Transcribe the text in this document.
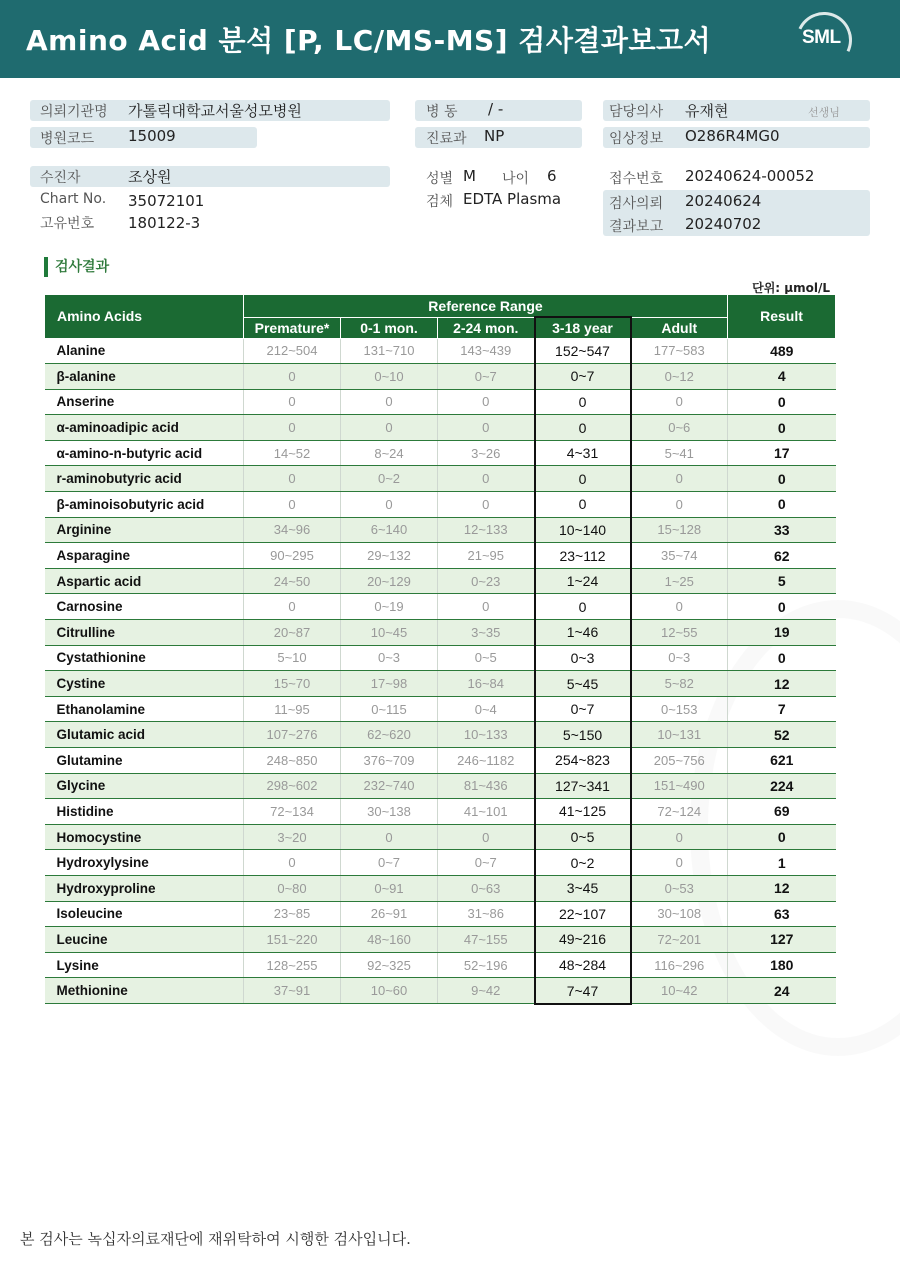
Amino Acid 분석 [P, LC/MS-MS] 검사결과보고서	SML
의뢰기관명 가톨릭대학교서울성모병원
병원코드 15009
수진자	조상원
Chart No. 35072101
고유번호 180122-3
병 동 / -
진료과 NP
성별 M 나이 6
검체 EDTA Plasma
담당의사 유재현	선생님
임상정보 O286R4MG0
접수번호 20240624-00052
검사의뢰 20240624
결과보고 20240702
검사결과
단위: µmol/L
Amino Acids	Reference Range					Result
	Premature*	0-1 mon.	2-24 mon.	3-18 year	Adult	
Alanine	212~504	131~710	143~439	152~547	177~583	489
β-alanine	0	0~10	0~7	0~7	0~12	4
Anserine	0	0	0	0	0	0
α-aminoadipic acid	0	0	0	0	0~6	0
α-amino-n-butyric acid	14~52	8~24	3~26	4~31	5~41	17
r-aminobutyric acid	0	0~2	0	0	0	0
β-aminoisobutyric acid	0	0	0	0	0	0
Arginine	34~96	6~140	12~133	10~140	15~128	33
Asparagine	90~295	29~132	21~95	23~112	35~74	62
Aspartic acid	24~50	20~129	0~23	1~24	1~25	5
Carnosine	0	0~19	0	0	0	0
Citrulline	20~87	10~45	3~35	1~46	12~55	19
Cystathionine	5~10	0~3	0~5	0~3	0~3	0
Cystine	15~70	17~98	16~84	5~45	5~82	12
Ethanolamine	11~95	0~115	0~4	0~7	0~153	7
Glutamic acid	107~276	62~620	10~133	5~150	10~131	52
Glutamine	248~850	376~709	246~1182	254~823	205~756	621
Glycine	298~602	232~740	81~436	127~341	151~490	224
Histidine	72~134	30~138	41~101	41~125	72~124	69
Homocystine	3~20	0	0	0~5	0	0
Hydroxylysine	0	0~7	0~7	0~2	0	1
Hydroxyproline	0~80	0~91	0~63	3~45	0~53	12
Isoleucine	23~85	26~91	31~86	22~107	30~108	63
Leucine	151~220	48~160	47~155	49~216	72~201	127
Lysine	128~255	92~325	52~196	48~284	116~296	180
Methionine	37~91	10~60	9~42	7~47	10~42	24
본 검사는 녹십자의료재단에 재위탁하여 시행한 검사입니다.
